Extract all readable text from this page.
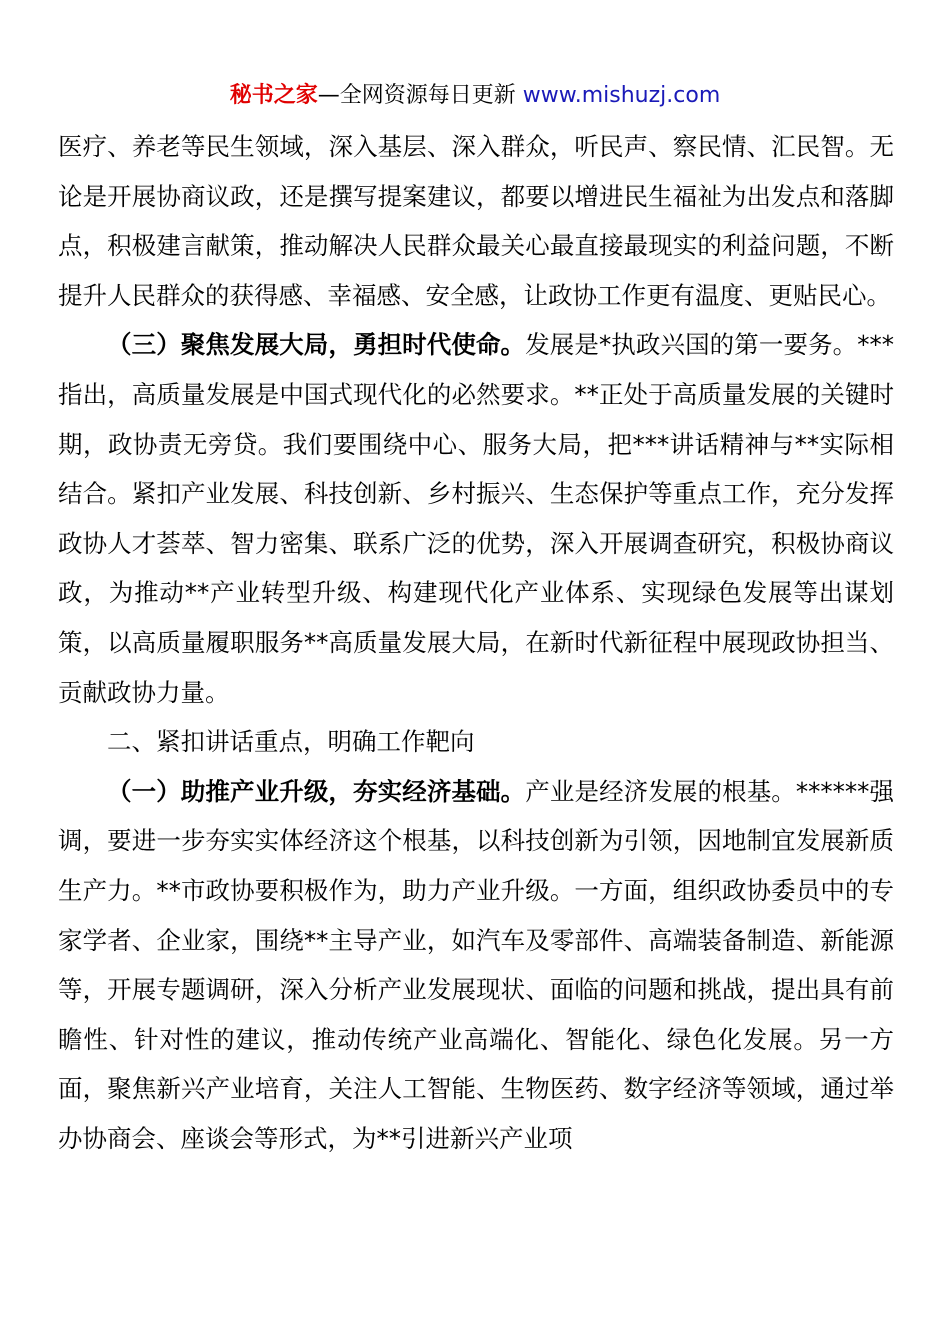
秘书之家—全网资源每日更新 www.mishuzj.com

医疗、养老等民生领域，深入基层、深入群众，听民声、察民情、汇民智。无论是开展协商议政，还是撰写提案建议，都要以增进民生福祉为出发点和落脚点，积极建言献策，推动解决人民群众最关心最直接最现实的利益问题，不断提升人民群众的获得感、幸福感、安全感，让政协工作更有温度、更贴民心。

（三）聚焦发展大局，勇担时代使命。发展是*执政兴国的第一要务。***指出，高质量发展是中国式现代化的必然要求。**正处于高质量发展的关键时期，政协责无旁贷。我们要围绕中心、服务大局，把***讲话精神与**实际相结合。紧扣产业发展、科技创新、乡村振兴、生态保护等重点工作，充分发挥政协人才荟萃、智力密集、联系广泛的优势，深入开展调查研究，积极协商议政，为推动**产业转型升级、构建现代化产业体系、实现绿色发展等出谋划策，以高质量履职服务**高质量发展大局，在新时代新征程中展现政协担当、贡献政协力量。

二、紧扣讲话重点，明确工作靶向

（一）助推产业升级，夯实经济基础。产业是经济发展的根基。******强调，要进一步夯实实体经济这个根基，以科技创新为引领，因地制宜发展新质生产力。**市政协要积极作为，助力产业升级。一方面，组织政协委员中的专家学者、企业家，围绕**主导产业，如汽车及零部件、高端装备制造、新能源等，开展专题调研，深入分析产业发展现状、面临的问题和挑战，提出具有前瞻性、针对性的建议，推动传统产业高端化、智能化、绿色化发展。另一方面，聚焦新兴产业培育，关注人工智能、生物医药、数字经济等领域，通过举办协商会、座谈会等形式，为**引进新兴产业项
